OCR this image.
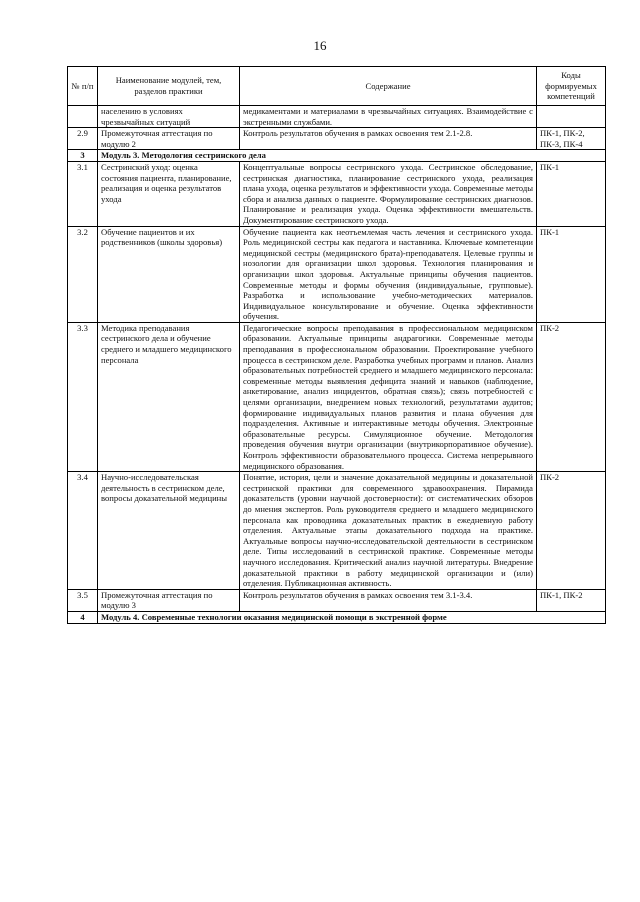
16
№ п/п	Наименование модулей, тем, разделов практики	Содержание	Коды формируемых компетенций
	населению в условиях чрезвычайных ситуаций	медикаментами и материалами в чрезвычайных ситуациях. Взаимодействие с экстренными службами.	
2.9	Промежуточная аттестация по модулю 2	Контроль результатов обучения в рамках освоения тем 2.1-2.8.	ПК-1, ПК-2, ПК-3, ПК-4
3	Модуль 3. Методология сестринского дела		
3.1	Сестринский уход: оценка состояния пациента, планирование, реализация и оценка результатов ухода	Концептуальные вопросы сестринского ухода. Сестринское обследование, сестринская диагностика, планирование сестринского ухода, реализация плана ухода, оценка результатов и эффективности ухода. Современные методы сбора и анализа данных о пациенте. Формулирование сестринских диагнозов. Планирование и реализация ухода. Оценка эффективности вмешательств. Документирование сестринского ухода.	ПК-1
3.2	Обучение пациентов и их родственников (школы здоровья)	Обучение пациента как неотъемлемая часть лечения и сестринского ухода. Роль медицинской сестры как педагога и наставника. Ключевые компетенции медицинской сестры (медицинского брата)-преподавателя. Целевые группы и нозологии для организации школ здоровья. Технология планирования и организации школ здоровья. Актуальные принципы обучения пациентов. Современные методы и формы обучения (индивидуальные, групповые). Разработка и использование учебно-методических материалов. Индивидуальное консультирование и обучение. Оценка эффективности обучения.	ПК-1
3.3	Методика преподавания сестринского дела и обучение среднего и младшего медицинского персонала	Педагогические вопросы преподавания в профессиональном медицинском образовании. Актуальные принципы андрагогики. Современные методы преподавания в профессиональном образовании. Проектирование учебного процесса в сестринском деле. Разработка учебных программ и планов. Анализ образовательных потребностей среднего и младшего медицинского персонала: современные методы выявления дефицита знаний и навыков (наблюдение, анкетирование, анализ инцидентов, обратная связь); связь потребностей с целями организации, внедрением новых технологий, результатами аудитов; формирование индивидуальных планов развития и плана обучения для подразделения. Активные и интерактивные методы обучения. Электронные образовательные ресурсы. Симуляционное обучение. Методология проведения обучения внутри организации (внутрикорпоративное обучение). Контроль эффективности образовательного процесса. Система непрерывного медицинского образования.	ПК-2
3.4	Научно-исследовательская деятельность в сестринском деле, вопросы доказательной медицины	Понятие, история, цели и значение доказательной медицины и доказательной сестринской практики для современного здравоохранения. Пирамида доказательств (уровни научной достоверности): от систематических обзоров до мнения экспертов. Роль руководителя среднего и младшего медицинского персонала как проводника доказательных практик в ежедневную работу отделения. Актуальные этапы доказательного подхода на практике. Актуальные вопросы научно-исследовательской деятельности в сестринском деле. Типы исследований в сестринской практике. Современные методы научного исследования. Критический анализ научной литературы. Внедрение доказательной практики в работу медицинской организации и (или) отделения. Публикационная активность.	ПК-2
3.5	Промежуточная аттестация по модулю 3	Контроль результатов обучения в рамках освоения тем 3.1-3.4.	ПК-1, ПК-2
4	Модуль 4. Современные технологии оказания медицинской помощи в экстренной форме		
